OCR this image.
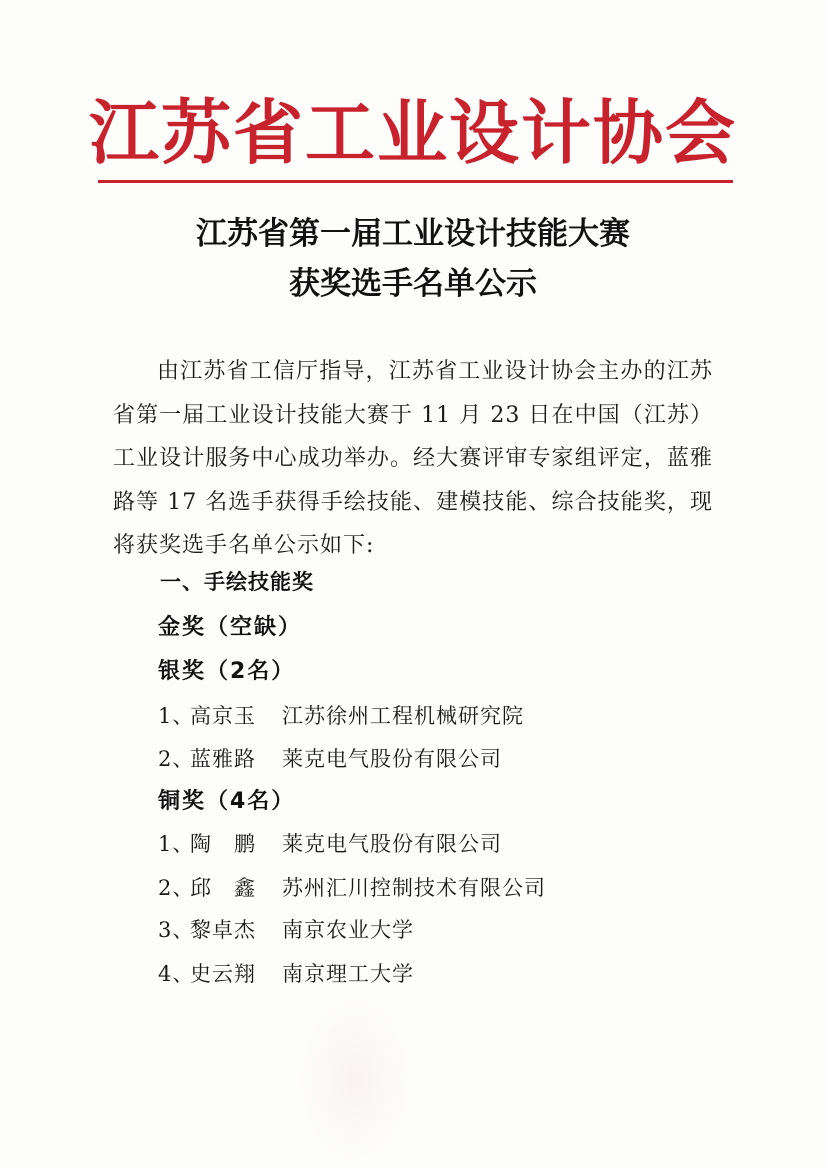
江苏省工业设计协会
江苏省第一届工业设计技能大赛
获奖选手名单公示
由江苏省工信厅指导，江苏省工业设计协会主办的江苏省第一届工业设计技能大赛于 11 月 23 日在中国（江苏）工业设计服务中心成功举办。经大赛评审专家组评定，蓝雅路等 17 名选手获得手绘技能、建模技能、综合技能奖，现将获奖选手名单公示如下:
一、手绘技能奖
金奖（空缺）
银奖（2名）
1、高京玉 江苏徐州工程机械研究院
2、蓝雅路 莱克电气股份有限公司
铜奖（4名）
1、陶　鹏 莱克电气股份有限公司
2、邱　鑫 苏州汇川控制技术有限公司
3、黎卓杰 南京农业大学
4、史云翔 南京理工大学
